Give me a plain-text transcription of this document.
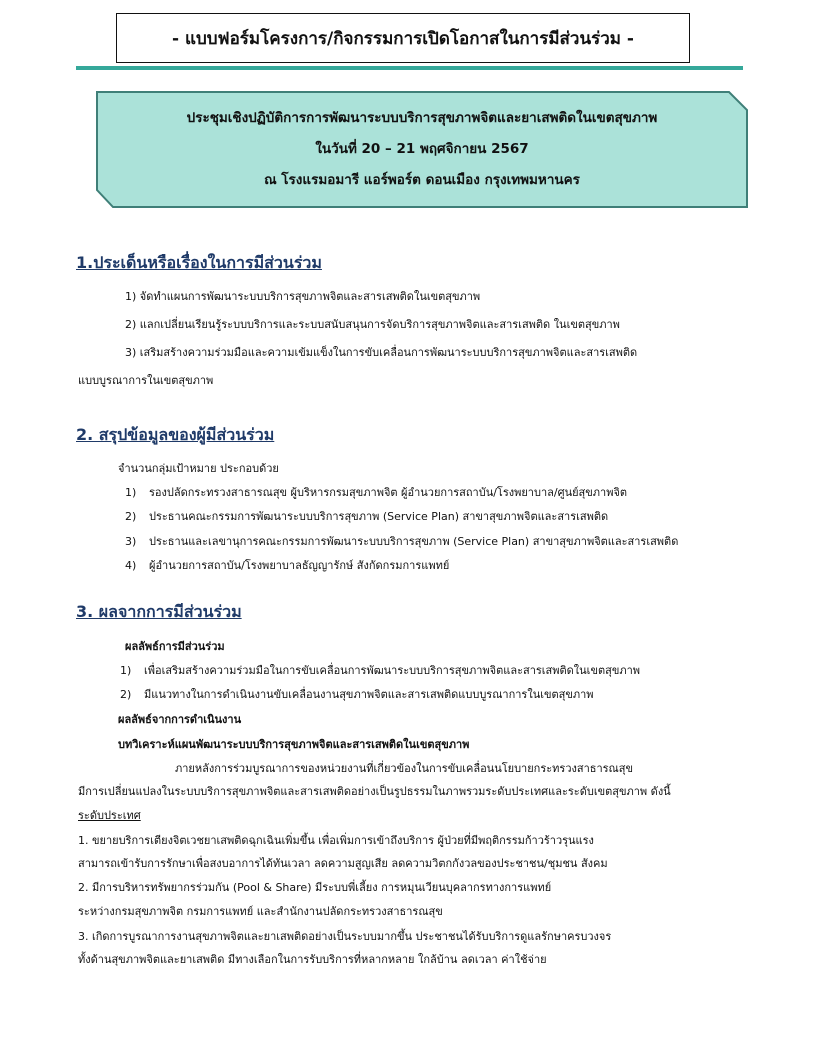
- แบบฟอร์มโครงการ/กิจกรรมการเปิดโอกาสในการมีส่วนร่วม -
ประชุมเชิงปฏิบัติการการพัฒนาระบบบริการสุขภาพจิตและยาเสพติดในเขตสุขภาพ
ในวันที่ 20 – 21 พฤศจิกายน 2567
ณ โรงแรมอมารี แอร์พอร์ต ดอนเมือง กรุงเทพมหานคร
1.ประเด็นหรือเรื่องในการมีส่วนร่วม
1) จัดทำแผนการพัฒนาระบบบริการสุขภาพจิตและสารเสพติดในเขตสุขภาพ
2) แลกเปลี่ยนเรียนรู้ระบบบริการและระบบสนับสนุนการจัดบริการสุขภาพจิตและสารเสพติด ในเขตสุขภาพ
3) เสริมสร้างความร่วมมือและความเข้มแข็งในการขับเคลื่อนการพัฒนาระบบบริการสุขภาพจิตและสารเสพติด
แบบบูรณาการในเขตสุขภาพ
2. สรุปข้อมูลของผู้มีส่วนร่วม
จำนวนกลุ่มเป้าหมาย ประกอบด้วย
1) รองปลัดกระทรวงสาธารณสุข ผู้บริหารกรมสุขภาพจิต ผู้อำนวยการสถาบัน/โรงพยาบาล/ศูนย์สุขภาพจิต
2) ประธานคณะกรรมการพัฒนาระบบบริการสุขภาพ (Service Plan) สาขาสุขภาพจิตและสารเสพติด
3) ประธานและเลขานุการคณะกรรมการพัฒนาระบบบริการสุขภาพ (Service Plan) สาขาสุขภาพจิตและสารเสพติด
4) ผู้อำนวยการสถาบัน/โรงพยาบาลธัญญารักษ์ สังกัดกรมการแพทย์
3. ผลจากการมีส่วนร่วม
ผลลัพธ์การมีส่วนร่วม
1) เพื่อเสริมสร้างความร่วมมือในการขับเคลื่อนการพัฒนาระบบบริการสุขภาพจิตและสารเสพติดในเขตสุขภาพ
2) มีแนวทางในการดำเนินงานขับเคลื่อนงานสุขภาพจิตและสารเสพติดแบบบูรณาการในเขตสุขภาพ
ผลลัพธ์จากการดำเนินงาน
บทวิเคราะห์แผนพัฒนาระบบบริการสุขภาพจิตและสารเสพติดในเขตสุขภาพ
ภายหลังการร่วมบูรณาการของหน่วยงานที่เกี่ยวข้องในการขับเคลื่อนนโยบายกระทรวงสาธารณสุข
มีการเปลี่ยนแปลงในระบบบริการสุขภาพจิตและสารเสพติดอย่างเป็นรูปธรรมในภาพรวมระดับประเทศและระดับเขตสุขภาพ ดังนี้
ระดับประเทศ
1. ขยายบริการเตียงจิตเวชยาเสพติดฉุกเฉินเพิ่มขึ้น เพื่อเพิ่มการเข้าถึงบริการ ผู้ป่วยที่มีพฤติกรรมก้าวร้าวรุนแรง
สามารถเข้ารับการรักษาเพื่อสงบอาการได้ทันเวลา ลดความสูญเสีย ลดความวิตกกังวลของประชาชน/ชุมชน สังคม
2. มีการบริหารทรัพยากรร่วมกัน (Pool & Share) มีระบบพี่เลี้ยง การหมุนเวียนบุคลากรทางการแพทย์
ระหว่างกรมสุขภาพจิต กรมการแพทย์ และสำนักงานปลัดกระทรวงสาธารณสุข
3. เกิดการบูรณาการงานสุขภาพจิตและยาเสพติดอย่างเป็นระบบมากขึ้น ประชาชนได้รับบริการดูแลรักษาครบวงจร
ทั้งด้านสุขภาพจิตและยาเสพติด มีทางเลือกในการรับบริการที่หลากหลาย ใกล้บ้าน ลดเวลา ค่าใช้จ่าย
